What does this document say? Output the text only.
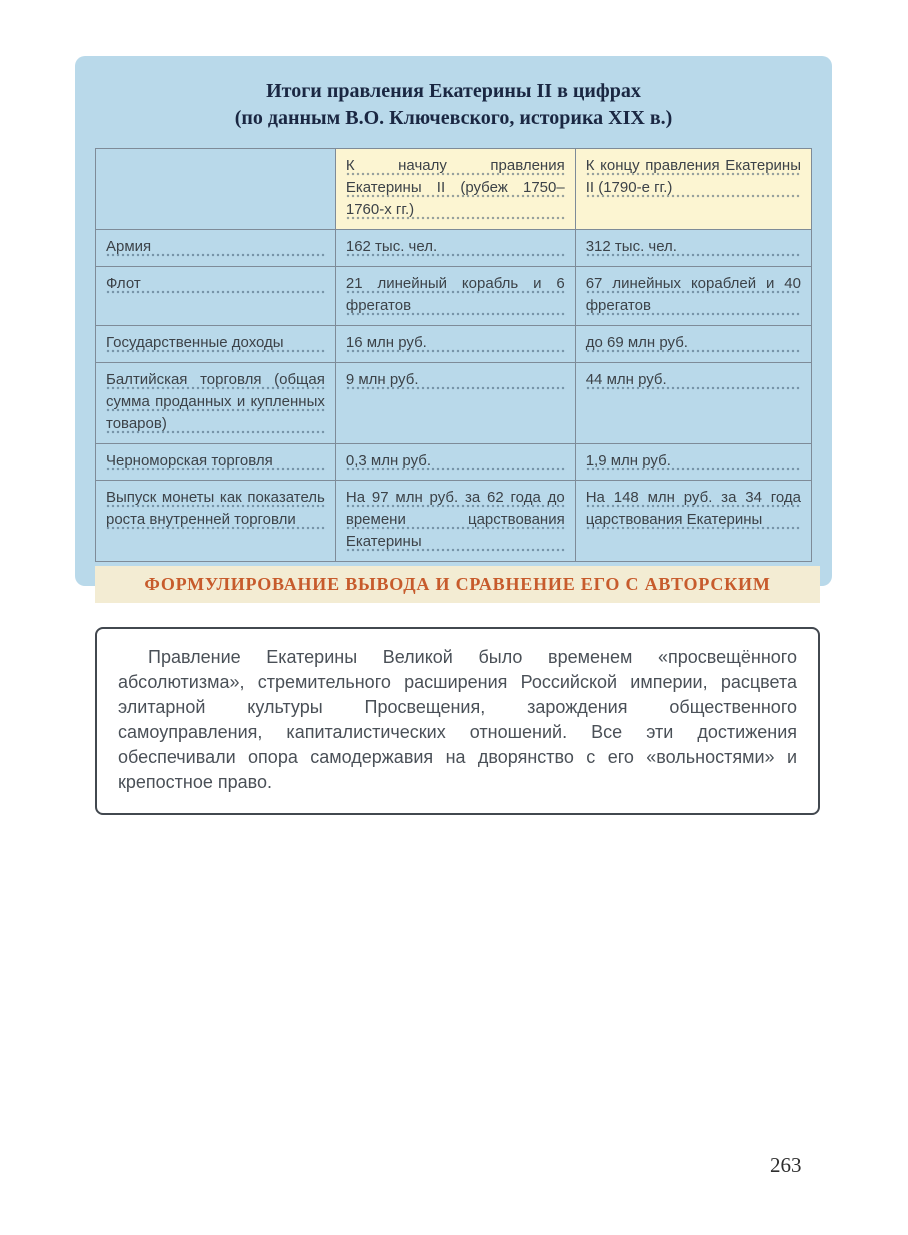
Итоги правления Екатерины II в цифрах
(по данным В.О. Ключевского, историка XIX в.)

	К началу правления Екатерины II (рубеж 1750–1760-х гг.)	К концу правления Екатерины II (1790-е гг.)

Армия	162 тыс. чел.	312 тыс. чел.

Флот	21 линейный корабль и 6 фрегатов	67 линейных кораблей и 40 фрегатов

Государственные доходы	16 млн руб.	до 69 млн руб.

Балтийская торговля (общая сумма проданных и купленных товаров)	9 млн руб.	44 млн руб.

Черноморская торговля	0,3 млн руб.	1,9 млн руб.

Выпуск монеты как показатель роста внутренней торговли	На 97 млн руб. за 62 года до времени царствования Екатерины	На 148 млн руб. за 34 года царствования Екатерины
ФОРМУЛИРОВАНИЕ ВЫВОДА И СРАВНЕНИЕ ЕГО С АВТОРСКИМ

Правление Екатерины Великой было временем «просвещённого абсолютизма», стремительного расширения Российской империи, расцвета элитарной культуры Просвещения, зарождения общественного самоуправления, капиталистических отношений. Все эти достижения обеспечивали опора самодержавия на дворянство с его «вольностями» и крепостное право.

263
